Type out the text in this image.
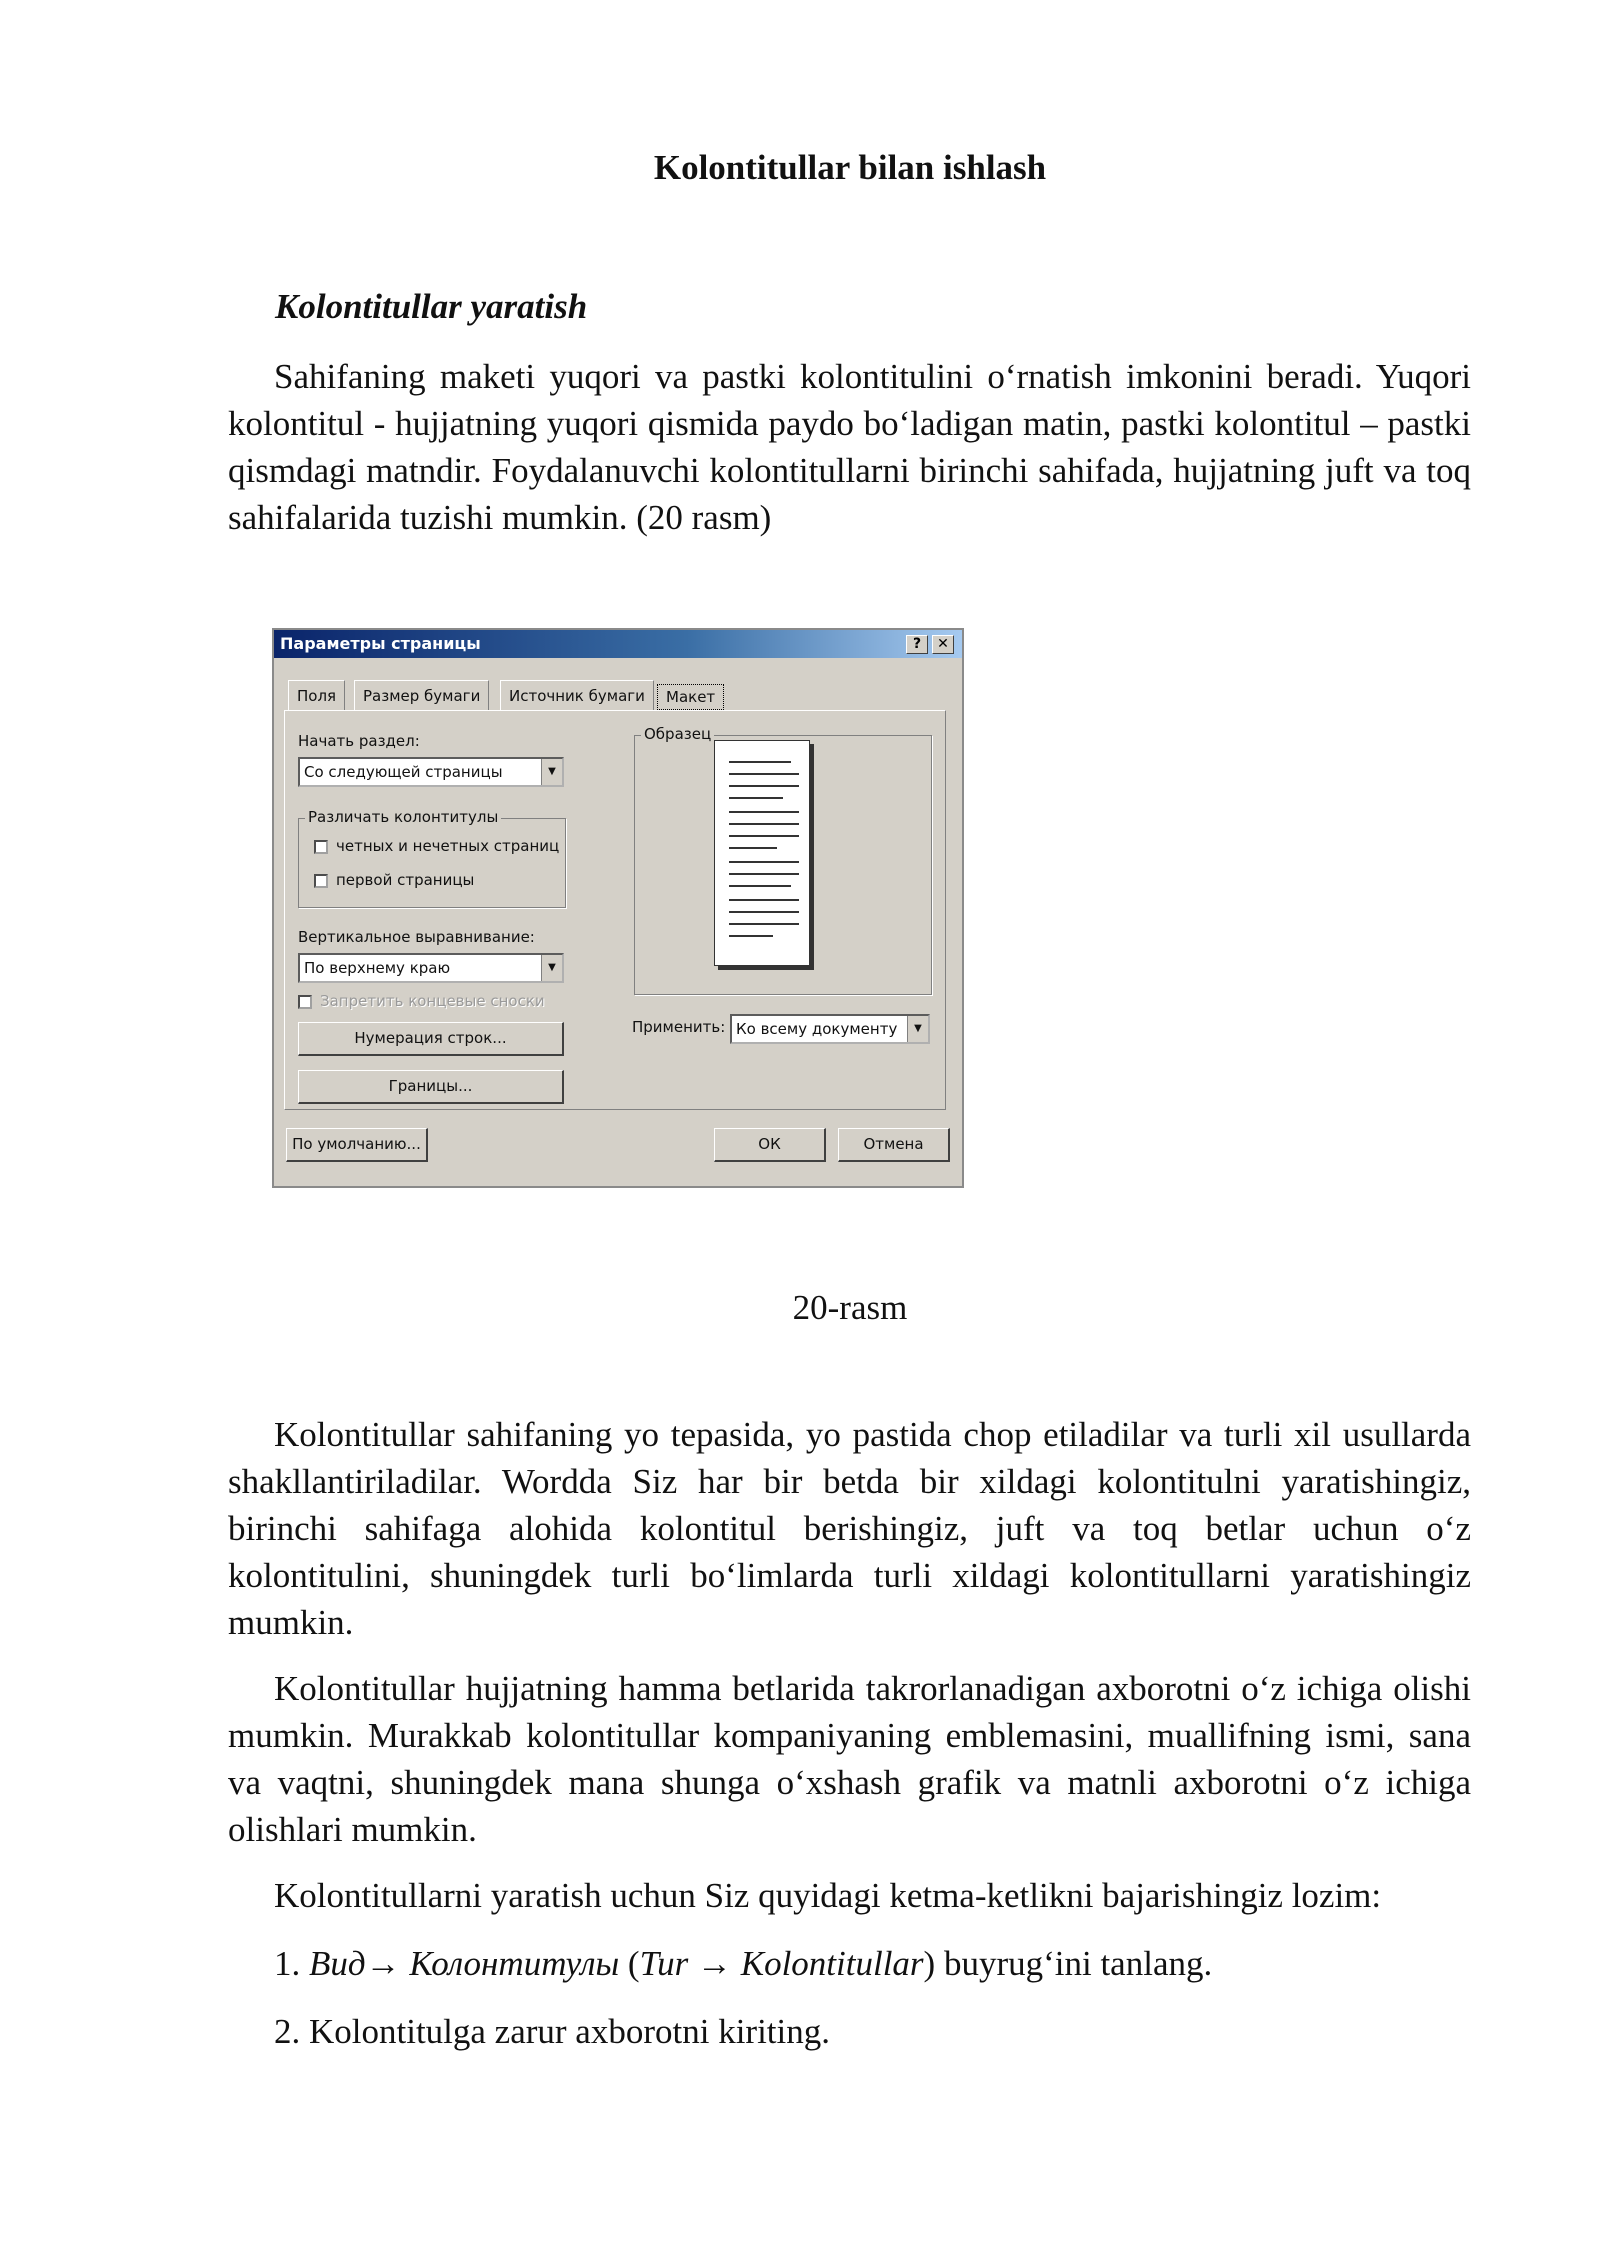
Kolontitullar bilan ishlash
Kolontitullar yaratish

Sahifaning maketi yuqori va pastki kolontitulini o‘rnatish imkonini beradi. Yuqori kolontitul - hujjatning yuqori qismida paydo bo‘ladigan matin, pastki kolontitul – pastki qismdagi matndir. Foydalanuvchi kolontitullarni birinchi sahifada, hujjatning juft va toq sahifalarida tuzishi mumkin. (20 rasm)

Параметры страницы	?	✕
Поля	Размер бумаги	Источник бумаги	Макет
Начать раздел:
Со следующей страницы	▼
Различать колонтитулы
четных и нечетных страниц
первой страницы
Вертикальное выравнивание:
По верхнему краю	▼
Запретить концевые сноски
Нумерация строк...
Границы...
Образец
Применить: Ко всему документу	▼
По умолчанию...	ОК	Отмена
20-rasm

Kolontitullar sahifaning yo tepasida, yo pastida chop etiladilar va turli xil usullarda shakllantiriladilar. Wordda Siz har bir betda bir xildagi kolontitulni yaratishingiz, birinchi sahifaga alohida kolontitul berishingiz, juft va toq betlar uchun o‘z kolontitulini, shuningdek turli bo‘limlarda turli xildagi kolontitullarni yaratishingiz mumkin.

Kolontitullar hujjatning hamma betlarida takrorlanadigan axborotni o‘z ichiga olishi mumkin. Murakkab kolontitullar kompaniyaning emblemasini, muallifning ismi, sana va vaqtni, shuningdek mana shunga o‘xshash grafik va matnli axborotni o‘z ichiga olishlari mumkin.

Kolontitullarni yaratish uchun Siz quyidagi ketma-ketlikni bajarishingiz lozim:

1. Вид→ Колонтитулы (Tur → Kolontitullar) buyrug‘ini tanlang.

2. Kolontitulga zarur axborotni kiriting.
